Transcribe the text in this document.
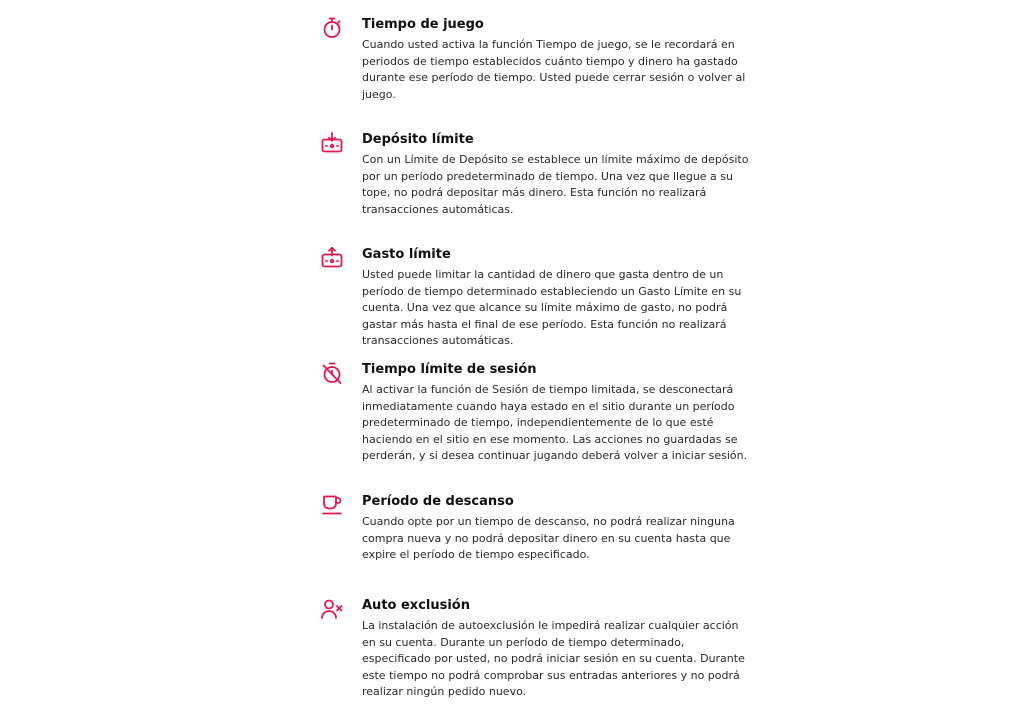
Tiempo de juego

Cuando usted activa la función Tiempo de juego, se le recordará en periodos de tiempo establecidos cuánto tiempo y dinero ha gastado durante ese período de tiempo. Usted puede cerrar sesión o volver al juego.

Depósito límite

Con un Límite de Depósito se establece un límite máximo de depósito por un período predeterminado de tiempo. Una vez que llegue a su tope, no podrá depositar más dinero. Esta función no realizará transacciones automáticas.

Gasto límite

Usted puede limitar la cantidad de dinero que gasta dentro de un período de tiempo determinado estableciendo un Gasto Límite en su cuenta. Una vez que alcance su límite máximo de gasto, no podrá gastar más hasta el final de ese período. Esta función no realizará transacciones automáticas.

Tiempo límite de sesión

Al activar la función de Sesión de tiempo limitada, se desconectará inmediatamente cuando haya estado en el sitio durante un período predeterminado de tiempo, independientemente de lo que esté haciendo en el sitio en ese momento. Las acciones no guardadas se perderán, y si desea continuar jugando deberá volver a iniciar sesión.

Período de descanso

Cuando opte por un tiempo de descanso, no podrá realizar ninguna compra nueva y no podrá depositar dinero en su cuenta hasta que expire el período de tiempo especificado.

Auto exclusión

La instalación de autoexclusión le impedirá realizar cualquier acción en su cuenta. Durante un período de tiempo determinado, especificado por usted, no podrá iniciar sesión en su cuenta. Durante este tiempo no podrá comprobar sus entradas anteriores y no podrá realizar ningún pedido nuevo.
